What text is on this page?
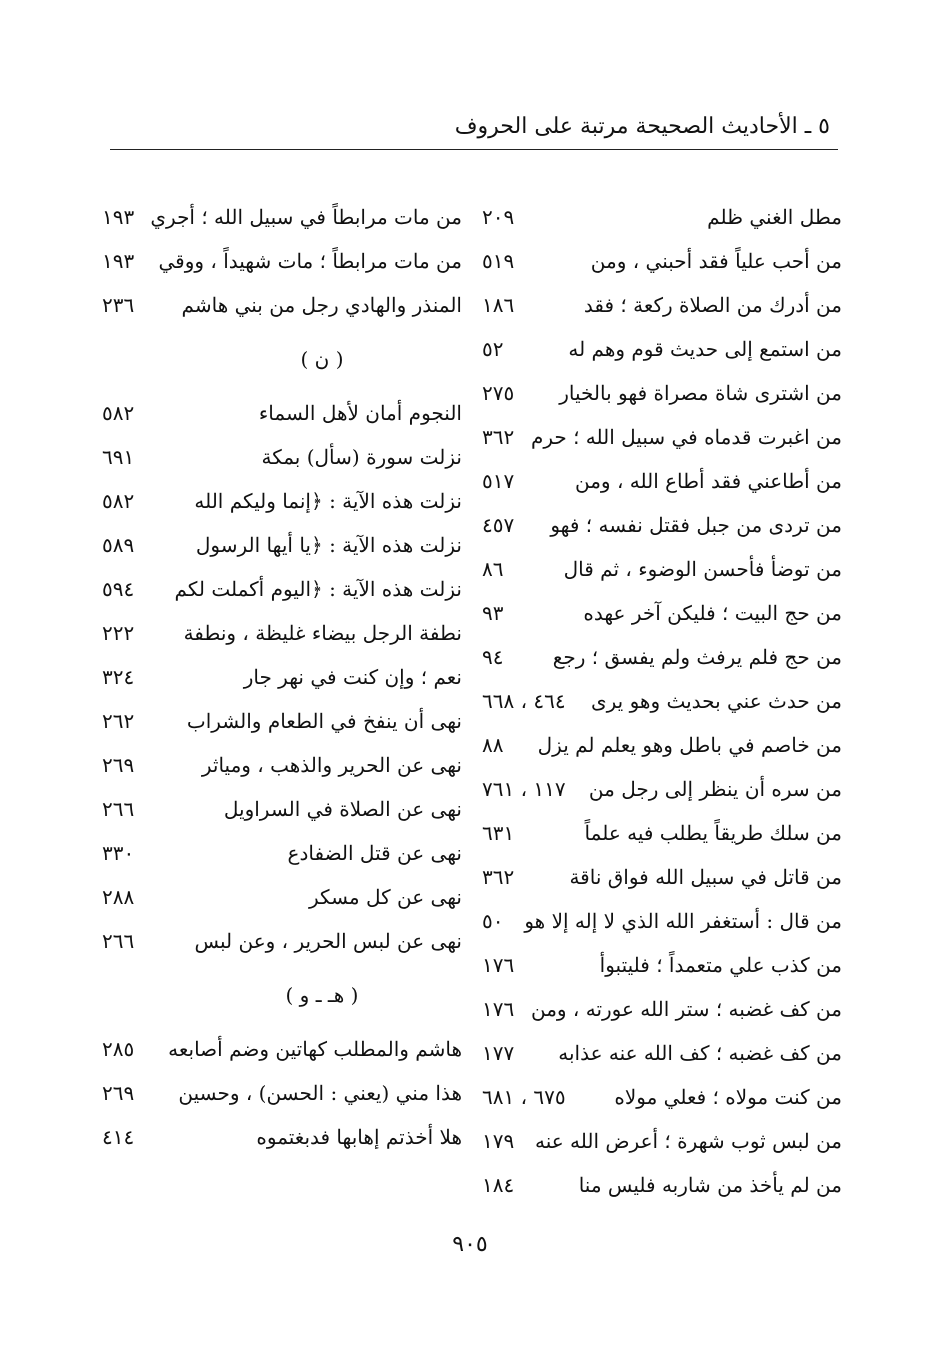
٥ ـ الأحاديث الصحيحة مرتبة على الحروف
مطل الغني ظلم
٢٠٩
من أحب علياً فقد أحبني ، ومن
٥١٩
من أدرك من الصلاة ركعة ؛ فقد
١٨٦
من استمع إلى حديث قوم وهم له
٥٢
من اشترى شاة مصراة فهو بالخيار
٢٧٥
من اغبرت قدماه في سبيل الله ؛ حرم
٣٦٢
من أطاعني فقد أطاع الله ، ومن
٥١٧
من تردى من جبل فقتل نفسه ؛ فهو
٤٥٧
من توضأ فأحسن الوضوء ، ثم قال
٨٦
من حج البيت ؛ فليكن آخر عهده
٩٣
من حج فلم يرفث ولم يفسق ؛ رجع
٩٤
من حدث عني بحديث وهو يرى
٤٦٤ ، ٦٦٨
من خاصم في باطل وهو يعلم لم يزل
٨٨
من سره أن ينظر إلى رجل من
١١٧ ، ٧٦١
من سلك طريقاً يطلب فيه علماً
٦٣١
من قاتل في سبيل الله فواق ناقة
٣٦٢
من قال : أستغفر الله الذي لا إله إلا هو
٥٠
من كذب علي متعمداً ؛ فليتبوأ
١٧٦
من كف غضبه ؛ ستر الله عورته ، ومن
١٧٦
من كف غضبه ؛ كف الله عنه عذابه
١٧٧
من كنت مولاه ؛ فعلي مولاه
٦٧٥ ، ٦٨١
من لبس ثوب شهرة ؛ أعرض الله عنه
١٧٩
من لم يأخذ من شاربه فليس منا
١٨٤
من مات مرابطاً في سبيل الله ؛ أجري
١٩٣
من مات مرابطاً ؛ مات شهيداً ، ووقي
١٩٣
المنذر والهادي رجل من بني هاشم
٢٣٦
( ن )
النجوم أمان لأهل السماء
٥٨٢
نزلت سورة (سأل) بمكة
٦٩١
نزلت هذه الآية : ﴿إنما وليكم الله
٥٨٢
نزلت هذه الآية : ﴿يا أيها الرسول
٥٨٩
نزلت هذه الآية : ﴿اليوم أكملت لكم
٥٩٤
نطفة الرجل بيضاء غليظة ، ونطفة
٢٢٢
نعم ؛ وإن كنت في نهر جار
٣٢٤
نهى أن ينفخ في الطعام والشراب
٢٦٢
نهى عن الحرير والذهب ، ومياثر
٢٦٩
نهى عن الصلاة في السراويل
٢٦٦
نهى عن قتل الضفادع
٣٣٠
نهى عن كل مسكر
٢٨٨
نهى عن لبس الحرير ، وعن لبس
٢٦٦
( هـ ـ و )
هاشم والمطلب كهاتين وضم أصابعه
٢٨٥
هذا مني (يعني : الحسن) ، وحسين
٢٦٩
هلا أخذتم إهابها فدبغتموه
٤١٤
٩٠٥
